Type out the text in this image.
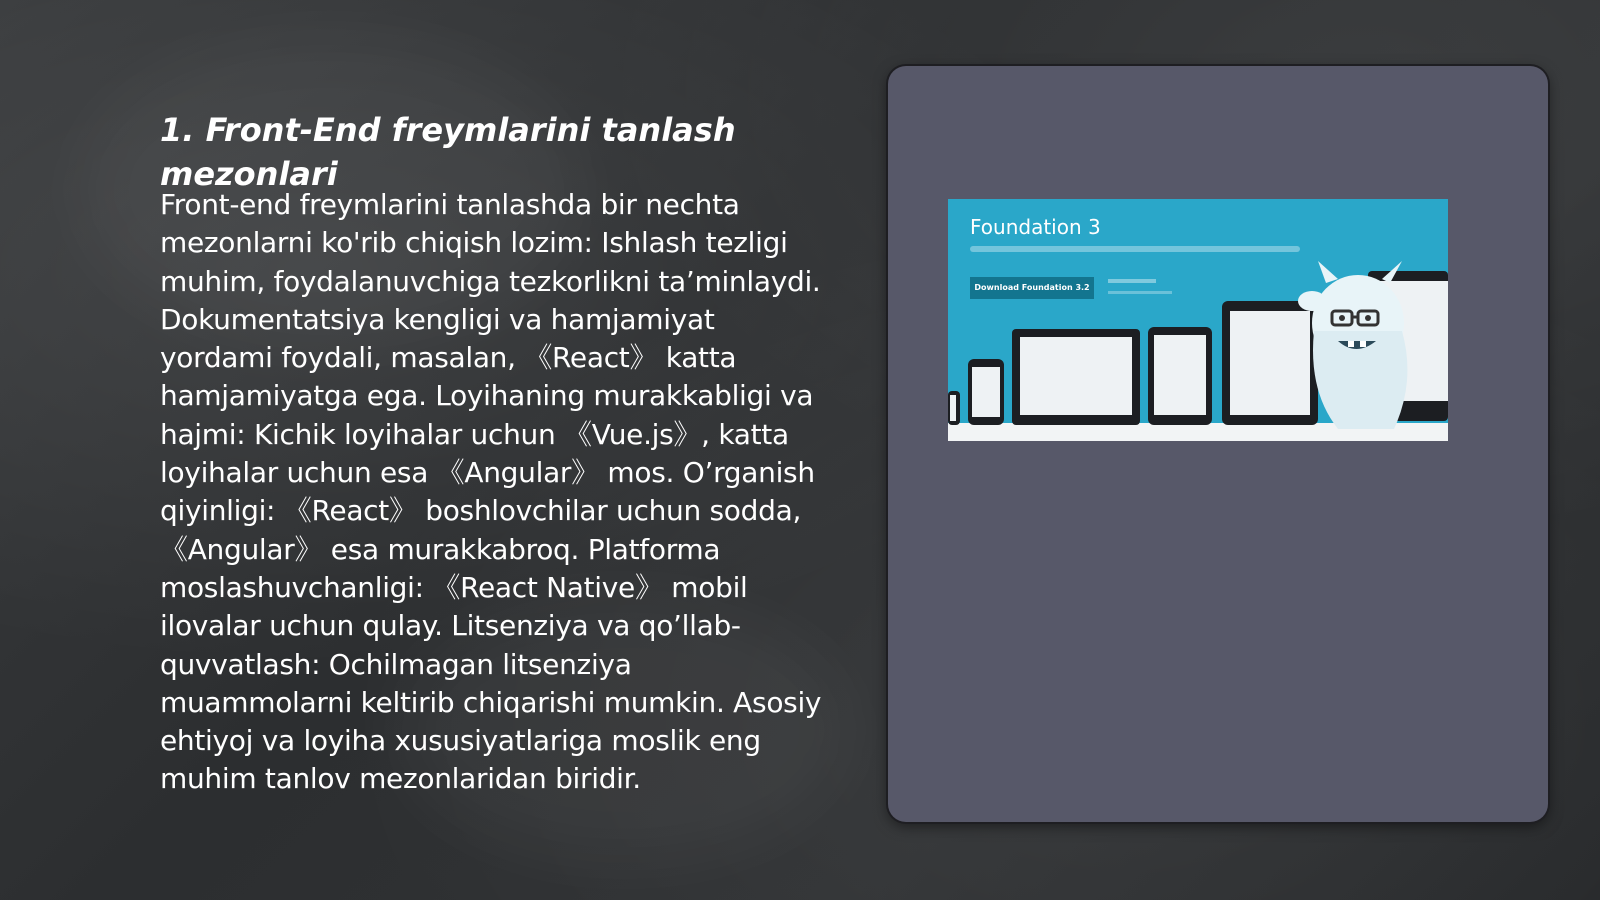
1. Front-End freymlarini tanlash mezonlari

Front-end freymlarini tanlashda bir nechta mezonlarni ko'rib chiqish lozim: Ishlash tezligi muhim, foydalanuvchiga tezkorlikni ta’minlaydi. Dokumentatsiya kengligi va hamjamiyat yordami foydali, masalan, 《React》 katta hamjamiyatga ega. Loyihaning murakkabligi va hajmi: Kichik loyihalar uchun 《Vue.js》, katta loyihalar uchun esa 《Angular》 mos. O’rganish qiyinligi: 《React》 boshlovchilar uchun sodda, 《Angular》 esa murakkabroq. Platforma moslashuvchanligi: 《React Native》 mobil ilovalar uchun qulay. Litsenziya va qo’llab-quvvatlash: Ochilmagan litsenziya muammolarni keltirib chiqarishi mumkin. Asosiy ehtiyoj va loyiha xususiyatlariga moslik eng muhim tanlov mezonlaridan biridir.

Foundation 3
Download Foundation 3.2
